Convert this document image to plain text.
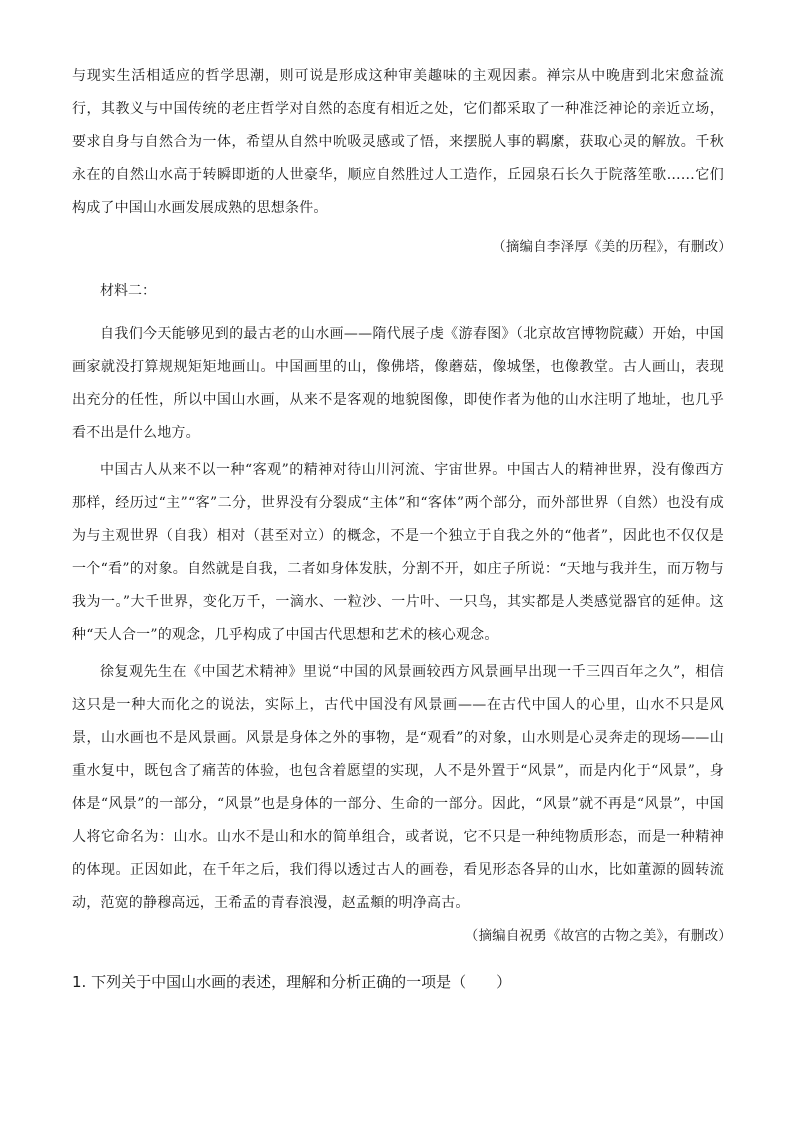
与现实生活相适应的哲学思潮，则可说是形成这种审美趣味的主观因素。禅宗从中晚唐到北宋愈益流行，其教义与中国传统的老庄哲学对自然的态度有相近之处，它们都采取了一种准泛神论的亲近立场，要求自身与自然合为一体，希望从自然中吮吸灵感或了悟，来摆脱人事的羁縻，获取心灵的解放。千秋永在的自然山水高于转瞬即逝的人世豪华，顺应自然胜过人工造作，丘园泉石长久于院落笙歌……它们构成了中国山水画发展成熟的思想条件。

（摘编自李泽厚《美的历程》，有删改）

材料二：

自我们今天能够见到的最古老的山水画——隋代展子虔《游春图》（北京故宫博物院藏）开始，中国画家就没打算规规矩矩地画山。中国画里的山，像佛塔，像蘑菇，像城堡，也像教堂。古人画山，表现出充分的任性，所以中国山水画，从来不是客观的地貌图像，即使作者为他的山水注明了地址，也几乎看不出是什么地方。

中国古人从来不以一种“客观”的精神对待山川河流、宇宙世界。中国古人的精神世界，没有像西方那样，经历过“主”“客”二分，世界没有分裂成“主体”和“客体”两个部分，而外部世界（自然）也没有成为与主观世界（自我）相对（甚至对立）的概念，不是一个独立于自我之外的“他者”，因此也不仅仅是一个“看”的对象。自然就是自我，二者如身体发肤，分割不开，如庄子所说：“天地与我并生，而万物与我为一。”大千世界，变化万千，一滴水、一粒沙、一片叶、一只鸟，其实都是人类感觉器官的延伸。这种“天人合一”的观念，几乎构成了中国古代思想和艺术的核心观念。

徐复观先生在《中国艺术精神》里说“中国的风景画较西方风景画早出现一千三四百年之久”，相信这只是一种大而化之的说法，实际上，古代中国没有风景画——在古代中国人的心里，山水不只是风景，山水画也不是风景画。风景是身体之外的事物，是“观看”的对象，山水则是心灵奔走的现场——山重水复中，既包含了痛苦的体验，也包含着愿望的实现，人不是外置于“风景”，而是内化于“风景”，身体是“风景”的一部分，“风景”也是身体的一部分、生命的一部分。因此，“风景”就不再是“风景”，中国人将它命名为：山水。山水不是山和水的简单组合，或者说，它不只是一种纯物质形态，而是一种精神的体现。正因如此，在千年之后，我们得以透过古人的画卷，看见形态各异的山水，比如董源的圆转流动，范宽的静穆高远，王希孟的青春浪漫，赵孟頫的明净高古。

（摘编自祝勇《故宫的古物之美》，有删改）

1. 下列关于中国山水画的表述，理解和分析正确的一项是（　　）
